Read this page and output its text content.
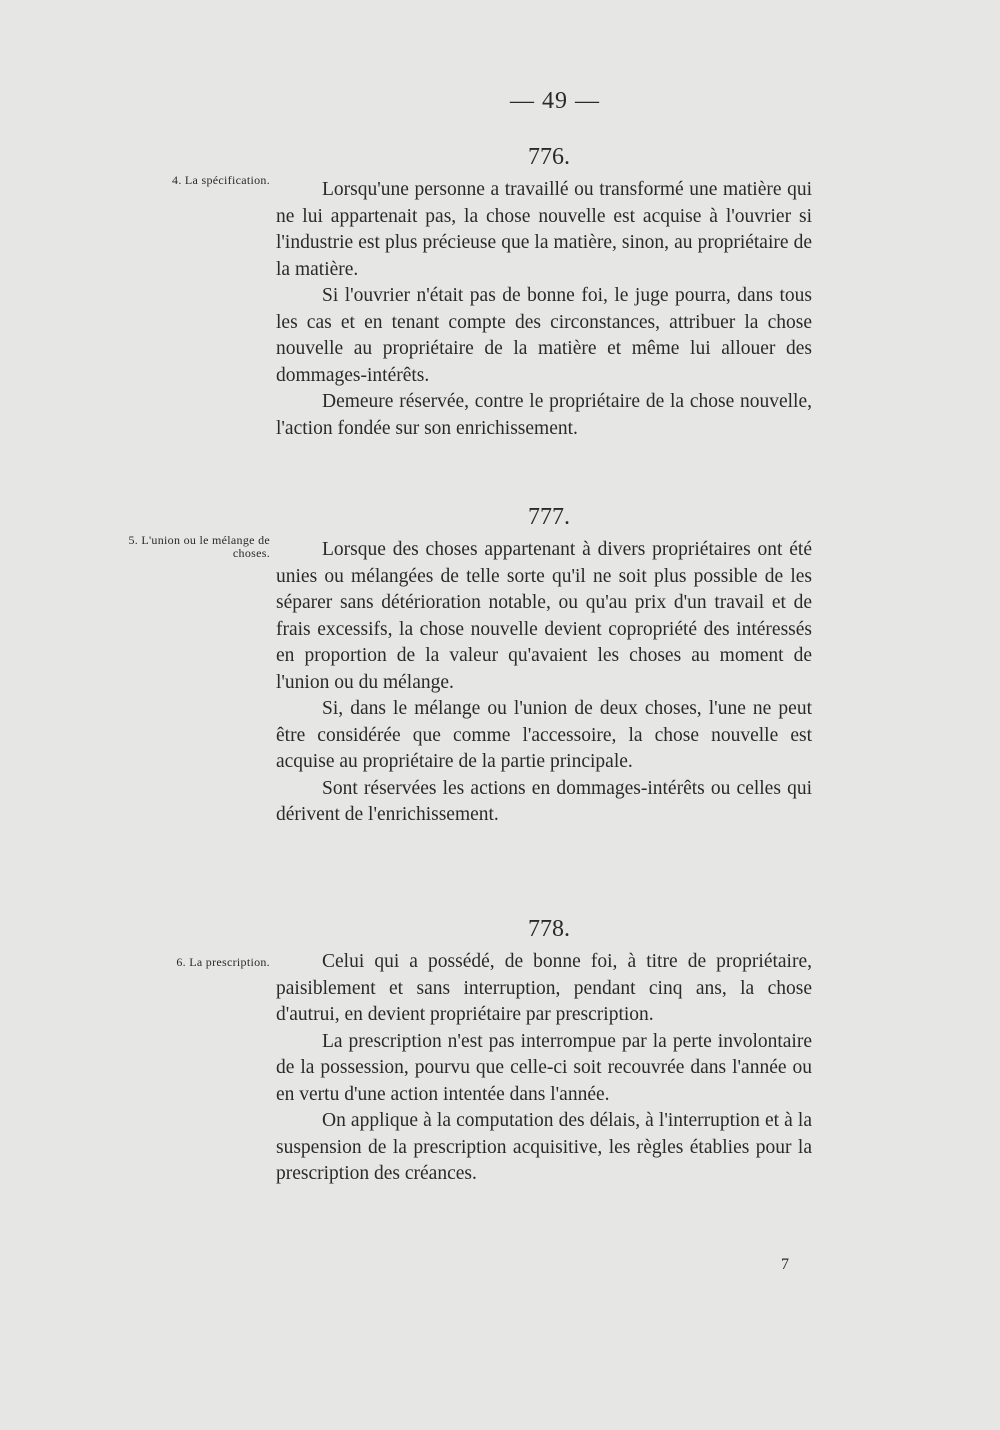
— 49 —
4. La spécification.
776.

Lorsqu'une personne a travaillé ou transformé une matière qui ne lui appartenait pas, la chose nouvelle est acquise à l'ouvrier si l'industrie est plus précieuse que la matière, sinon, au propriétaire de la matière.

Si l'ouvrier n'était pas de bonne foi, le juge pourra, dans tous les cas et en tenant compte des circonstances, attribuer la chose nouvelle au propriétaire de la matière et même lui allouer des dommages-intérêts.

Demeure réservée, contre le propriétaire de la chose nouvelle, l'action fondée sur son enrichissement.

5. L'union ou le mélange de choses.
777.

Lorsque des choses appartenant à divers propriétaires ont été unies ou mélangées de telle sorte qu'il ne soit plus possible de les séparer sans détérioration notable, ou qu'au prix d'un travail et de frais excessifs, la chose nouvelle devient copropriété des intéressés en proportion de la valeur qu'avaient les choses au moment de l'union ou du mélange.

Si, dans le mélange ou l'union de deux choses, l'une ne peut être considérée que comme l'accessoire, la chose nouvelle est acquise au propriétaire de la partie principale.

Sont réservées les actions en dommages-intérêts ou celles qui dérivent de l'enrichissement.

6. La prescription.
778.

Celui qui a possédé, de bonne foi, à titre de propriétaire, paisiblement et sans interruption, pendant cinq ans, la chose d'autrui, en devient propriétaire par prescription.

La prescription n'est pas interrompue par la perte involontaire de la possession, pourvu que celle-ci soit recouvrée dans l'année ou en vertu d'une action intentée dans l'année.

On applique à la computation des délais, à l'interruption et à la suspension de la prescription acquisitive, les règles établies pour la prescription des créances.

7
